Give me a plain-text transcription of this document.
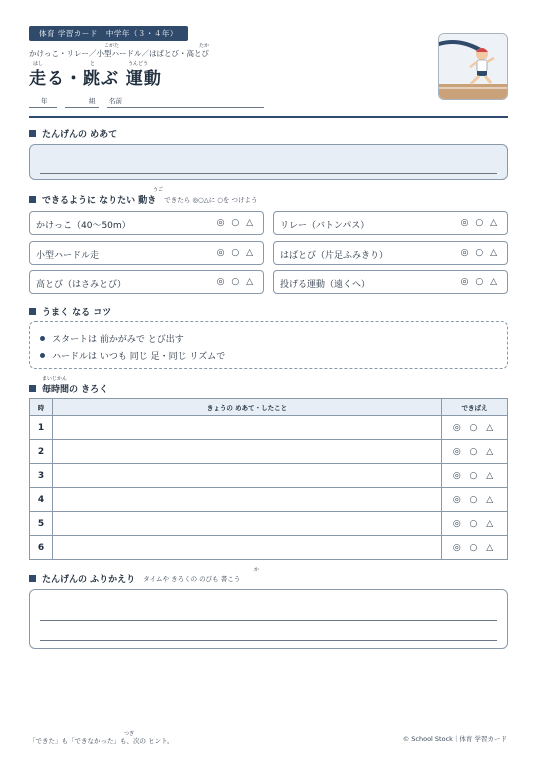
体育 学習カード　中学年（３・４年）
こがた	たか
かけっこ・リレー／小型ハードル／はばとび・高とび
はし	と	うんどう
走る・跳ぶ 運動
年	組 名前
たんげんの めあて
うご
できるように なりたい 動き できたら ◎○△に ○を つけよう
かけっこ（40〜50m）	◎ ○ △	リレー（バトンパス）	◎ ○ △
小型ハードル走	◎ ○ △	はばとび（片足ふみきり）	◎ ○ △
高とび（はさみとび）	◎ ○ △	投げる運動（遠くへ）	◎ ○ △
うまく なる コツ
スタートは 前かがみで とび出す
ハードルは いつも 同じ 足・同じ リズムで
まいじかん
毎時間の きろく
時	きょうの めあて・したこと	できばえ
1		◎ ○ △
2		◎ ○ △
3		◎ ○ △
4		◎ ○ △
5		◎ ○ △
6		◎ ○ △
か
たんげんの ふりかえり タイムや きろくの のびも 書こう
つぎ
「できた」も「できなかった」も、次の ヒント。	© School Stock｜体育 学習カード
